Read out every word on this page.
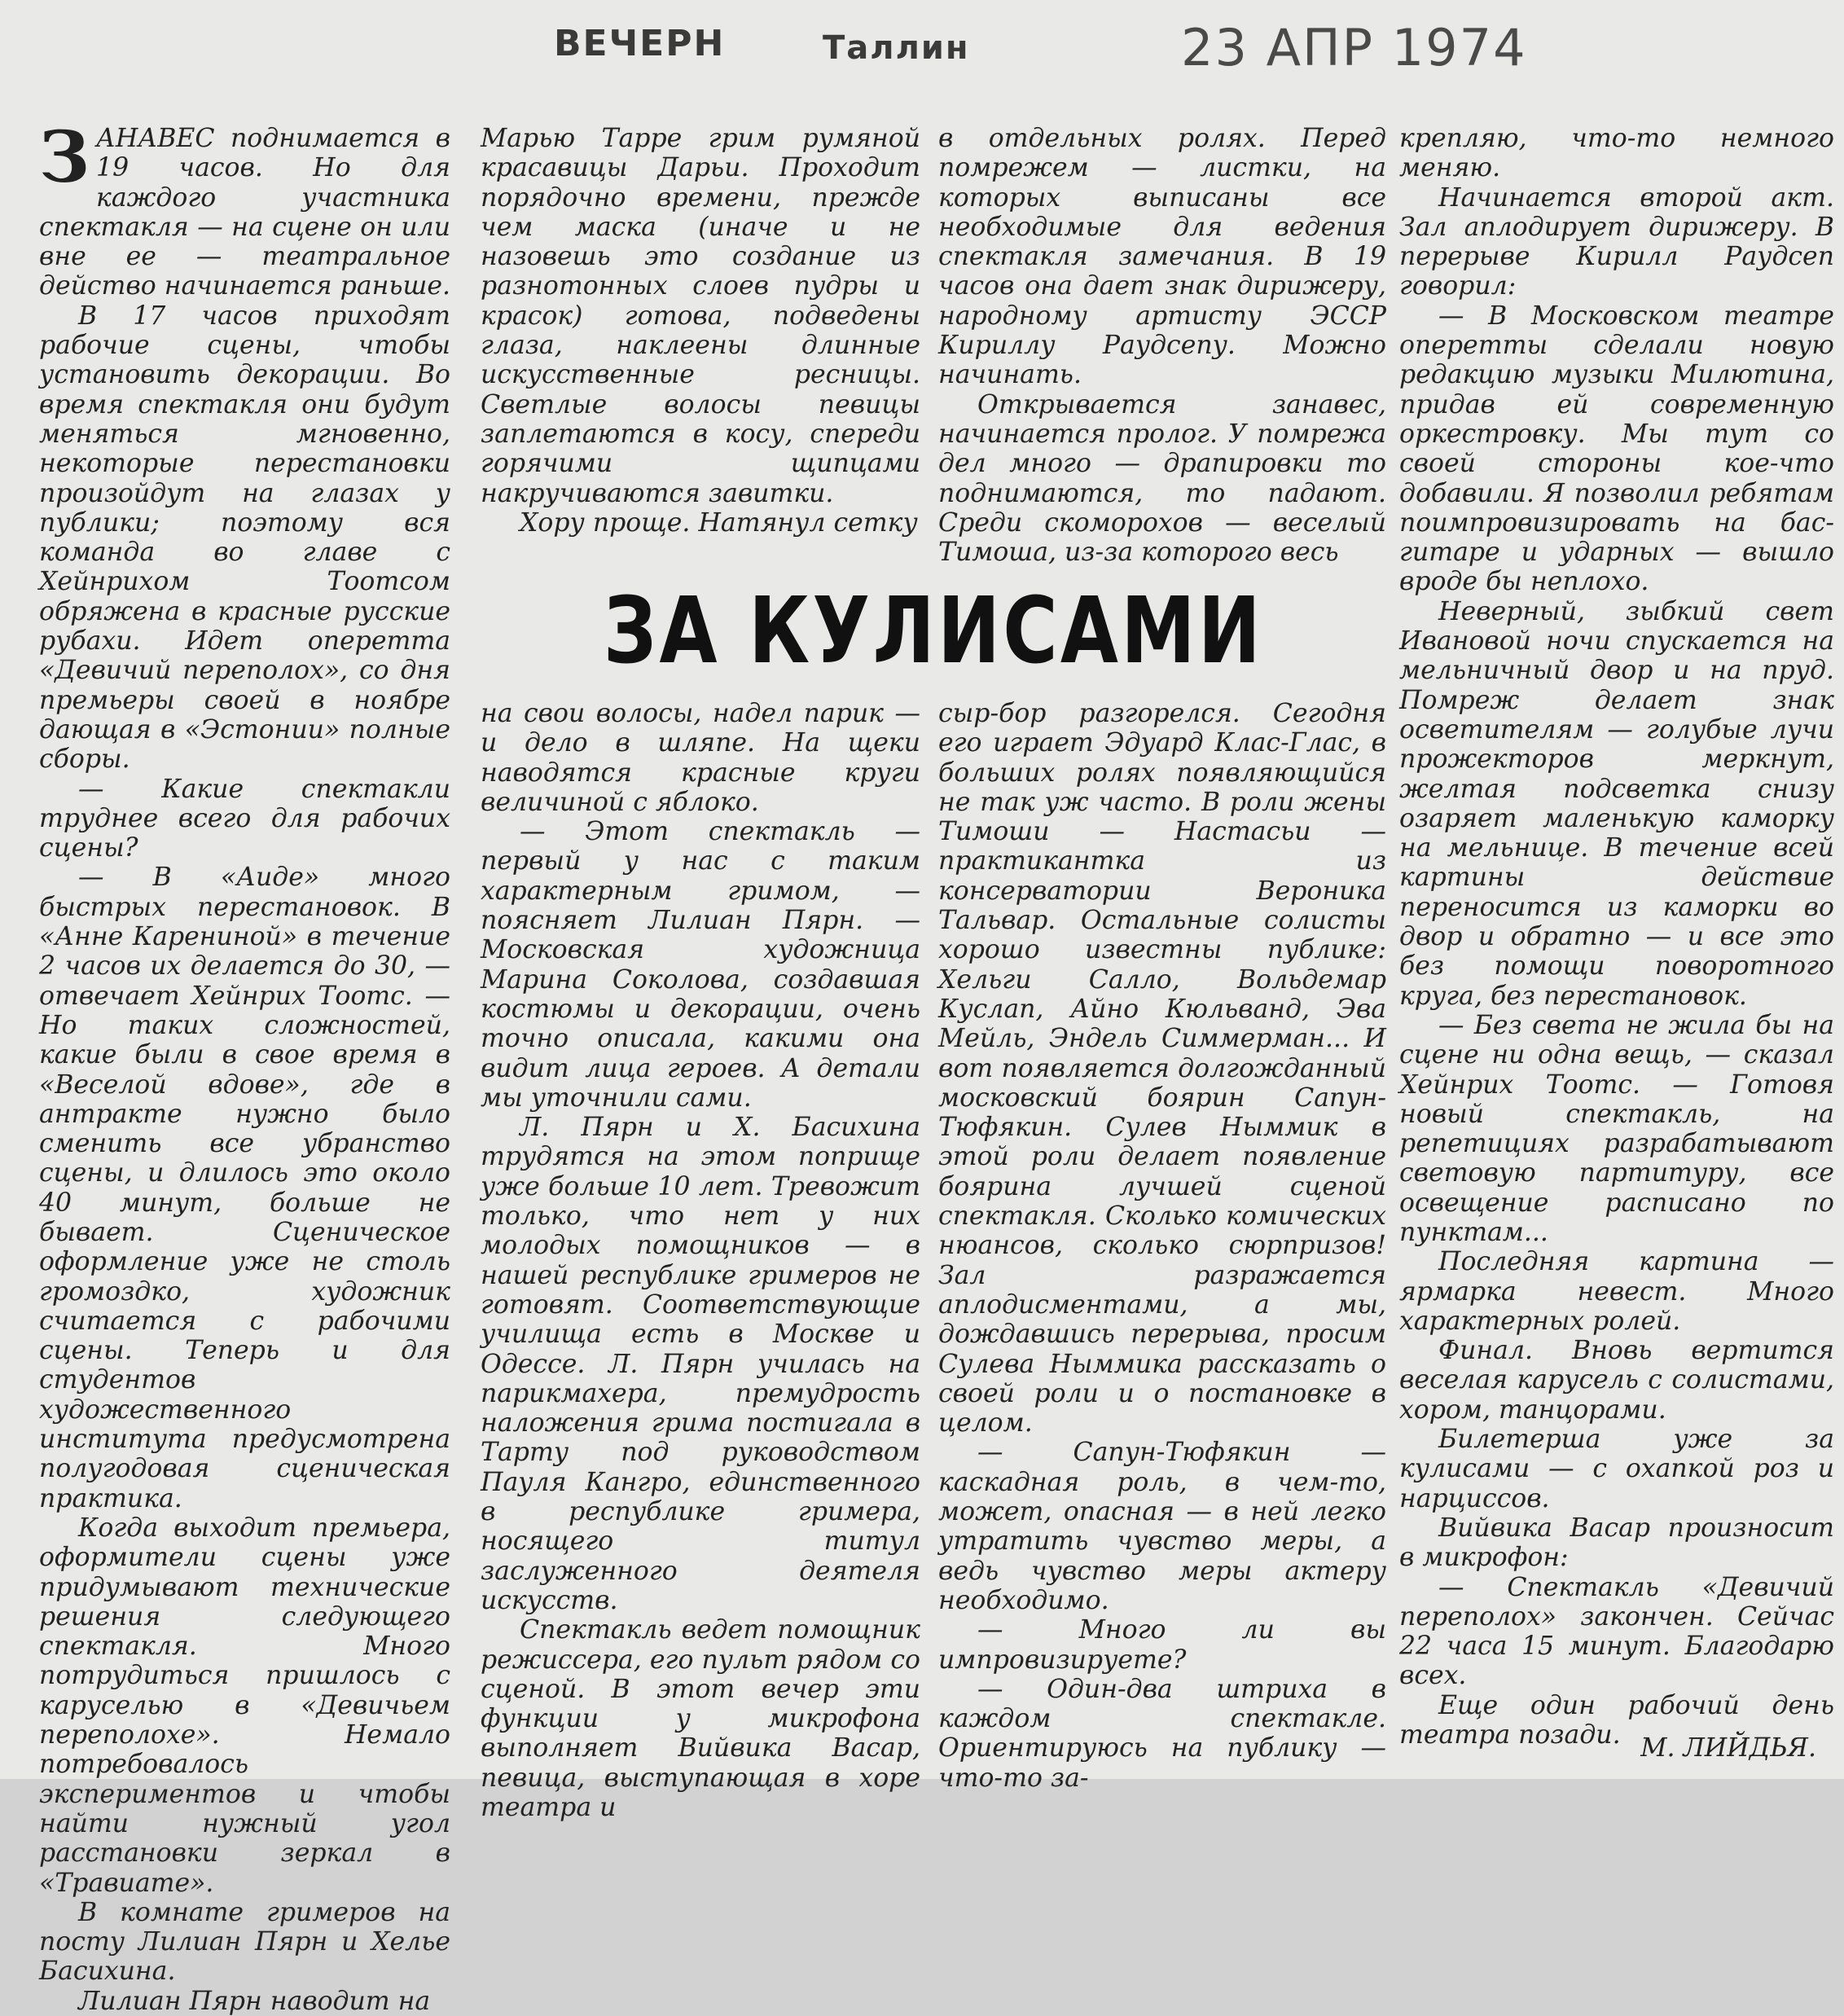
ВЕЧЕРН	Таллин	23 АПР 1974

ЗАНАВЕС поднимается в 19 часов. Но для каждого участника спектакля — на сцене он или вне ее — театральное действо начинается раньше.

В 17 часов приходят рабочие сцены, чтобы установить декорации. Во время спектакля они будут меняться мгновенно, некоторые перестановки произойдут на глазах у публики; поэтому вся команда во главе с Хейнрихом Тоотсом обряжена в красные русские рубахи. Идет оперетта «Девичий переполох», со дня премьеры своей в ноябре дающая в «Эстонии» полные сборы.

— Какие спектакли труднее всего для рабочих сцены?

— В «Аиде» много быстрых перестановок. В «Анне Карениной» в течение 2 часов их делается до 30, — отвечает Хейнрих Тоотс. — Но таких сложностей, какие были в свое время в «Веселой вдове», где в антракте нужно было сменить все убранство сцены, и длилось это около 40 минут, больше не бывает. Сценическое оформление уже не столь громоздко, художник считается с рабочими сцены. Теперь и для студентов художественного института предусмотрена полугодовая сценическая практика.

Когда выходит премьера, оформители сцены уже придумывают технические решения следующего спектакля. Много потрудиться пришлось с каруселью в «Девичьем переполохе». Немало потребовалось экспериментов и чтобы найти нужный угол расстановки зеркал в «Травиате».

В комнате гримеров на посту Лилиан Пярн и Хелье Басихина.

Лилиан Пярн наводит на

Марью Тарре грим румяной красавицы Дарьи. Проходит порядочно времени, прежде чем маска (иначе и не назовешь это создание из разнотонных слоев пудры и красок) готова, подведены глаза, наклеены длинные искусственные ресницы. Светлые волосы певицы заплетаются в косу, спереди горячими щипцами накручиваются завитки.

Хору проще. Натянул сетку

в отдельных ролях. Перед помрежем — листки, на которых выписаны все необходимые для ведения спектакля замечания. В 19 часов она дает знак дирижеру, народному артисту ЭССР Кириллу Раудсепу. Можно начинать.

Открывается занавес, начинается пролог. У помрежа дел много — драпировки то поднимаются, то падают. Среди скоморохов — веселый Тимоша, из-за которого весь

ЗА КУЛИСАМИ

на свои волосы, надел парик — и дело в шляпе. На щеки наводятся красные круги величиной с яблоко.

— Этот спектакль — первый у нас с таким характерным гримом, — поясняет Лилиан Пярн. — Московская художница Марина Соколова, создавшая костюмы и декорации, очень точно описала, какими она видит лица героев. А детали мы уточнили сами.

Л. Пярн и Х. Басихина трудятся на этом поприще уже больше 10 лет. Тревожит только, что нет у них молодых помощников — в нашей республике гримеров не готовят. Соответствующие училища есть в Москве и Одессе. Л. Пярн училась на парикмахера, премудрость наложения грима постигала в Тарту под руководством Пауля Кангро, единственного в республике гримера, носящего титул заслуженного деятеля искусств.

Спектакль ведет помощник режиссера, его пульт рядом со сценой. В этот вечер эти функции у микрофона выполняет Вийвика Васар, певица, выступающая в хоре театра и

сыр-бор разгорелся. Сегодня его играет Эдуард Клас-Глас, в больших ролях появляющийся не так уж часто. В роли жены Тимоши — Настасьи — практикантка из консерватории Вероника Тальвар. Остальные солисты хорошо известны публике: Хельги Салло, Вольдемар Куслап, Айно Кюльванд, Эва Мейль, Эндель Симмерман... И вот появляется долгожданный московский боярин Сапун-Тюфякин. Сулев Ныммик в этой роли делает появление боярина лучшей сценой спектакля. Сколько комических нюансов, сколько сюрпризов! Зал разражается аплодисментами, а мы, дождавшись перерыва, просим Сулева Ныммика рассказать о своей роли и о постановке в целом.

— Сапун-Тюфякин — каскадная роль, в чем-то, может, опасная — в ней легко утратить чувство меры, а ведь чувство меры актеру необходимо.

— Много ли вы импровизируете?

— Один-два штриха в каждом спектакле. Ориентируюсь на публику — что-то за-

крепляю, что-то немного меняю.

Начинается второй акт. Зал аплодирует дирижеру. В перерыве Кирилл Раудсеп говорил:

— В Московском театре оперетты сделали новую редакцию музыки Милютина, придав ей современную оркестровку. Мы тут со своей стороны кое-что добавили. Я позволил ребятам поимпровизировать на бас-гитаре и ударных — вышло вроде бы неплохо.

Неверный, зыбкий свет Ивановой ночи спускается на мельничный двор и на пруд. Помреж делает знак осветителям — голубые лучи прожекторов меркнут, желтая подсветка снизу озаряет маленькую каморку на мельнице. В течение всей картины действие переносится из каморки во двор и обратно — и все это без помощи поворотного круга, без перестановок.

— Без света не жила бы на сцене ни одна вещь, — сказал Хейнрих Тоотс. — Готовя новый спектакль, на репетициях разрабатывают световую партитуру, все освещение расписано по пунктам...

Последняя картина — ярмарка невест. Много характерных ролей.

Финал. Вновь вертится веселая карусель с солистами, хором, танцорами.

Билетерша уже за кулисами — с охапкой роз и нарциссов.

Вийвика Васар произносит в микрофон:

— Спектакль «Девичий переполох» закончен. Сейчас 22 часа 15 минут. Благодарю всех.

Еще один рабочий день театра позади. М. ЛИЙДЬЯ.
